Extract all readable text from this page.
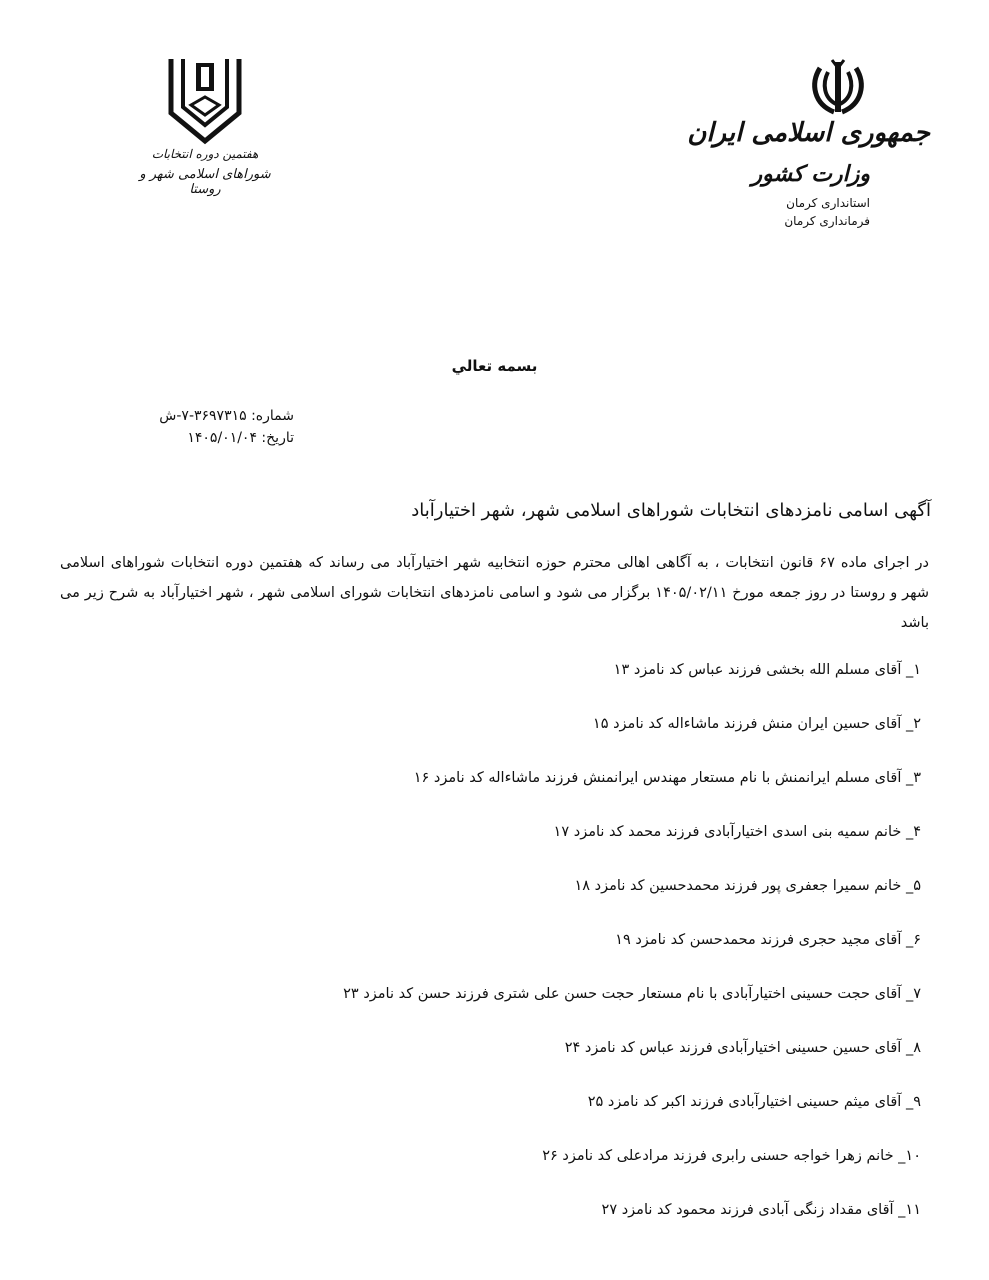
هفتمین دوره انتخابات
شوراهای اسلامی شهر و روستا
جمهوری اسلامی ایران
وزارت کشور
استانداری کرمان
فرمانداری کرمان
بسمه تعالي
شماره: ۳۶۹۷۳۱۵-۷-ش
تاریخ: ۱۴۰۵/۰۱/۰۴
آگهی اسامی نامزدهای انتخابات شوراهای اسلامی شهر، شهر اختیارآباد
در اجرای ماده ۶۷ قانون انتخابات ، به آگاهی اهالی محترم حوزه انتخابیه شهر اختیارآباد می رساند که هفتمین دوره انتخابات شوراهای اسلامی شهر و روستا در روز جمعه مورخ ۱۴۰۵/۰۲/۱۱ برگزار می شود و اسامی نامزدهای انتخابات شورای اسلامی شهر ، شهر اختیارآباد به شرح زیر می باشد
۱_ آقای مسلم الله بخشی فرزند عباس کد نامزد ۱۳
۲_ آقای حسین ایران منش فرزند ماشاءاله کد نامزد ۱۵
۳_ آقای مسلم ایرانمنش با نام مستعار مهندس ایرانمنش فرزند ماشاءاله کد نامزد ۱۶
۴_ خانم سمیه بنی اسدی اختیارآبادی فرزند محمد کد نامزد ۱۷
۵_ خانم سمیرا جعفری پور فرزند محمدحسین کد نامزد ۱۸
۶_ آقای مجید حجری فرزند محمدحسن کد نامزد ۱۹
۷_ آقای حجت حسینی اختیارآبادی با نام مستعار حجت حسن علی شتری فرزند حسن کد نامزد ۲۳
۸_ آقای حسین حسینی اختیارآبادی فرزند عباس کد نامزد ۲۴
۹_ آقای میثم حسینی اختیارآبادی فرزند اکبر کد نامزد ۲۵
۱۰_ خانم زهرا خواجه حسنی رابری فرزند مرادعلی کد نامزد ۲۶
۱۱_ آقای مقداد زنگی آبادی فرزند محمود کد نامزد ۲۷
